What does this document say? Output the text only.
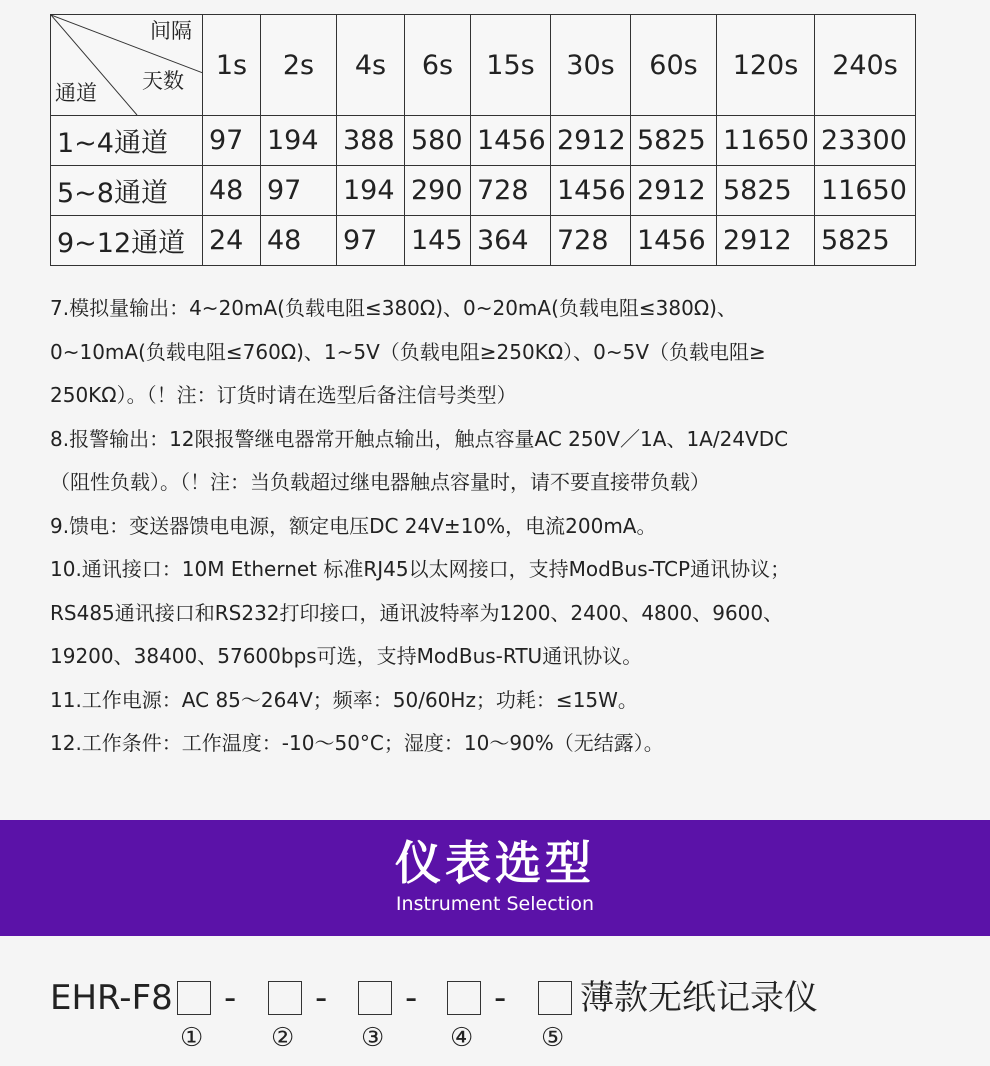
间隔
天数
通道	1s	2s	4s	6s	15s	30s	60s	120s	240s
1~4通道	97	194	388	580	1456	2912	5825	11650	23300
5~8通道	48	97	194	290	728	1456	2912	5825	11650
9~12通道	24	48	97	145	364	728	1456	2912	5825

7.模拟量输出：4~20mA(负载电阻≤380Ω)、0~20mA(负载电阻≤380Ω)、

0~10mA(负载电阻≤760Ω)、1~5V（负载电阻≥250KΩ）、0~5V（负载电阻≥

250KΩ）。（！注：订货时请在选型后备注信号类型）

8.报警输出：12限报警继电器常开触点输出，触点容量AC 250V／1A、1A/24VDC

（阻性负载）。（！注：当负载超过继电器触点容量时，请不要直接带负载）

9.馈电：变送器馈电电源，额定电压DC 24V±10%，电流200mA。

10.通讯接口：10M Ethernet 标准RJ45以太网接口，支持ModBus-TCP通讯协议；

RS485通讯接口和RS232打印接口，通讯波特率为1200、2400、4800、9600、

19200、38400、57600bps可选，支持ModBus-RTU通讯协议。

11.工作电源：AC 85～264V；频率：50/60Hz；功耗：≤15W。

12.工作条件：工作温度：-10～50°C；湿度：10～90%（无结露）。

仪表选型
Instrument Selection
EHR-F8 - - - - 薄款无纸记录仪
①	②	③	④	⑤
